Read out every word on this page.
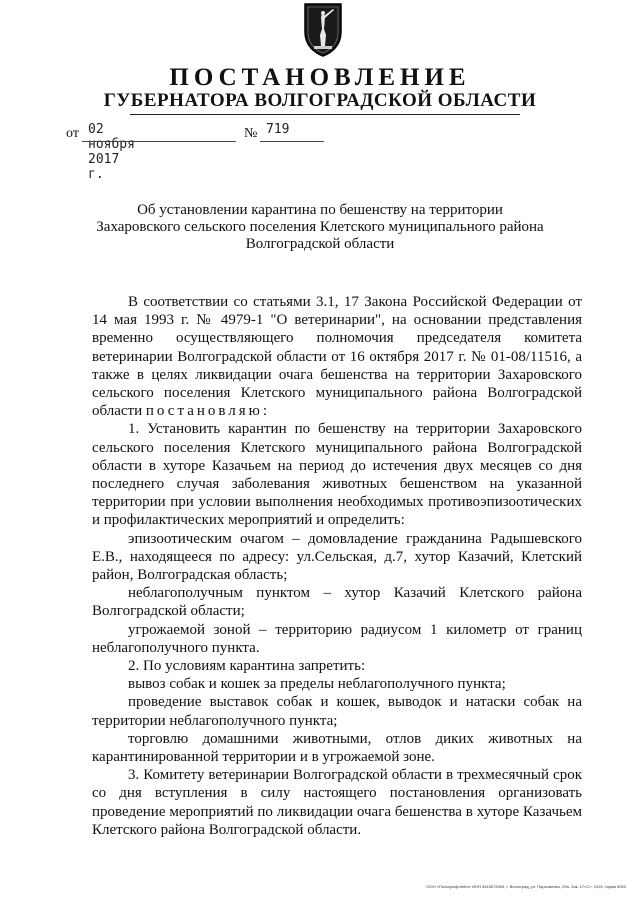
ПОСТАНОВЛЕНИЕ
ГУБЕРНАТОРА ВОЛГОГРАДСКОЙ ОБЛАСТИ
от 02 ноября 2017 г.
№ 719
Об установлении карантина по бешенству на территории
Захаровского сельского поселения Клетского муниципального района
Волгоградской области

В соответствии со статьями 3.1, 17 Закона Российской Федерации от 14 мая 1993 г. № 4979-1 "О ветеринарии", на основании представления временно осуществляющего полномочия председателя комитета ветеринарии Волгоградской области от 16 октября 2017 г. № 01-08/11516, а также в целях ликвидации очага бешенства на территории Захаровского сельского поселения Клетского муниципального района Волгоградской области постановляю:

1. Установить карантин по бешенству на территории Захаровского сельского поселения Клетского муниципального района Волгоградской области в хуторе Казачьем на период до истечения двух месяцев со дня последнего случая заболевания животных бешенством на указанной территории при условии выполнения необходимых противоэпизоотических и профилактических мероприятий и определить:

эпизоотическим очагом – домовладение гражданина Радышевского Е.В., находящееся по адресу: ул.Сельская, д.7, хутор Казачий, Клетский район, Волгоградская область;

неблагополучным пунктом – хутор Казачий Клетского района Волгоградской области;

угрожаемой зоной – территорию радиусом 1 километр от границ неблагополучного пункта.

2. По условиям карантина запретить:

вывоз собак и кошек за пределы неблагополучного пункта;

проведение выставок собак и кошек, выводок и натаски собак на территории неблагополучного пункта;

торговлю домашними животными, отлов диких животных на карантинированной территории и в угрожаемой зоне.

3. Комитету ветеринарии Волгоградской области в трехмесячный срок со дня вступления в силу настоящего постановления организовать проведение мероприятий по ликвидации очага бешенства в хуторе Казачьем Клетского района Волгоградской области.

ООО «Полиграф-ИнКо» ИНН 3443073399, г. Волгоград, ул. Пархоменко, 29а. Зак. 17«С», 2015, тираж 5000
